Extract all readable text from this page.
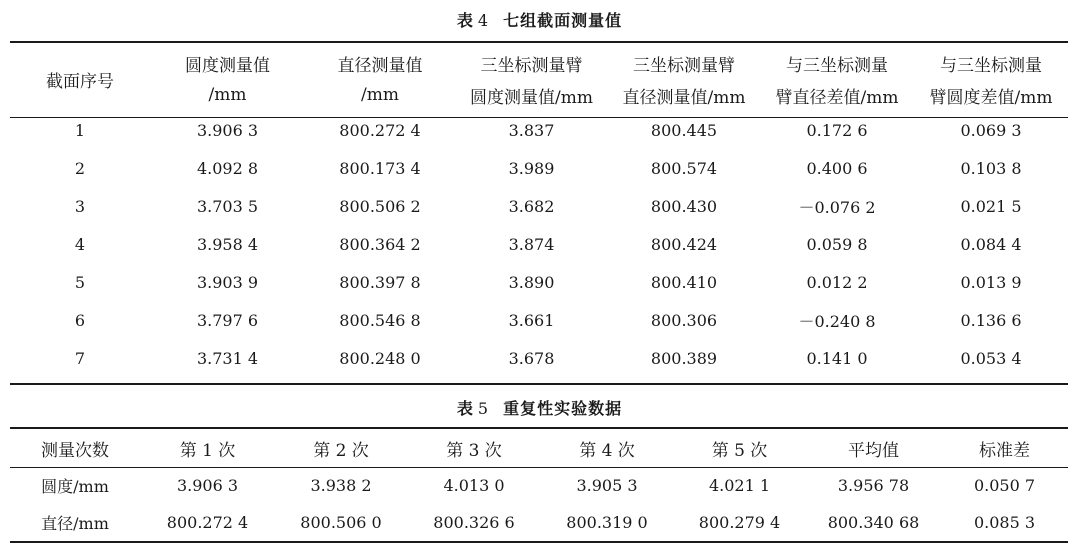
表 4 七组截面测量值
截面序号	圆度测量值	直径测量值	三坐标测量臂	三坐标测量臂	与三坐标测量	与三坐标测量
	/mm	/mm	圆度测量值/mm	直径测量值/mm	臂直径差值/mm	臂圆度差值/mm
1	3.906 3	800.272 4	3.837	800.445	0.172 6	0.069 3
2	4.092 8	800.173 4	3.989	800.574	0.400 6	0.103 8
3	3.703 5	800.506 2	3.682	800.430	－0.076 2	0.021 5
4	3.958 4	800.364 2	3.874	800.424	0.059 8	0.084 4
5	3.903 9	800.397 8	3.890	800.410	0.012 2	0.013 9
6	3.797 6	800.546 8	3.661	800.306	－0.240 8	0.136 6
7	3.731 4	800.248 0	3.678	800.389	0.141 0	0.053 4
表 5 重复性实验数据
测量次数	第 1 次	第 2 次	第 3 次	第 4 次	第 5 次	平均值	标准差
圆度/mm	3.906 3	3.938 2	4.013 0	3.905 3	4.021 1	3.956 78	0.050 7
直径/mm	800.272 4	800.506 0	800.326 6	800.319 0	800.279 4	800.340 68	0.085 3
